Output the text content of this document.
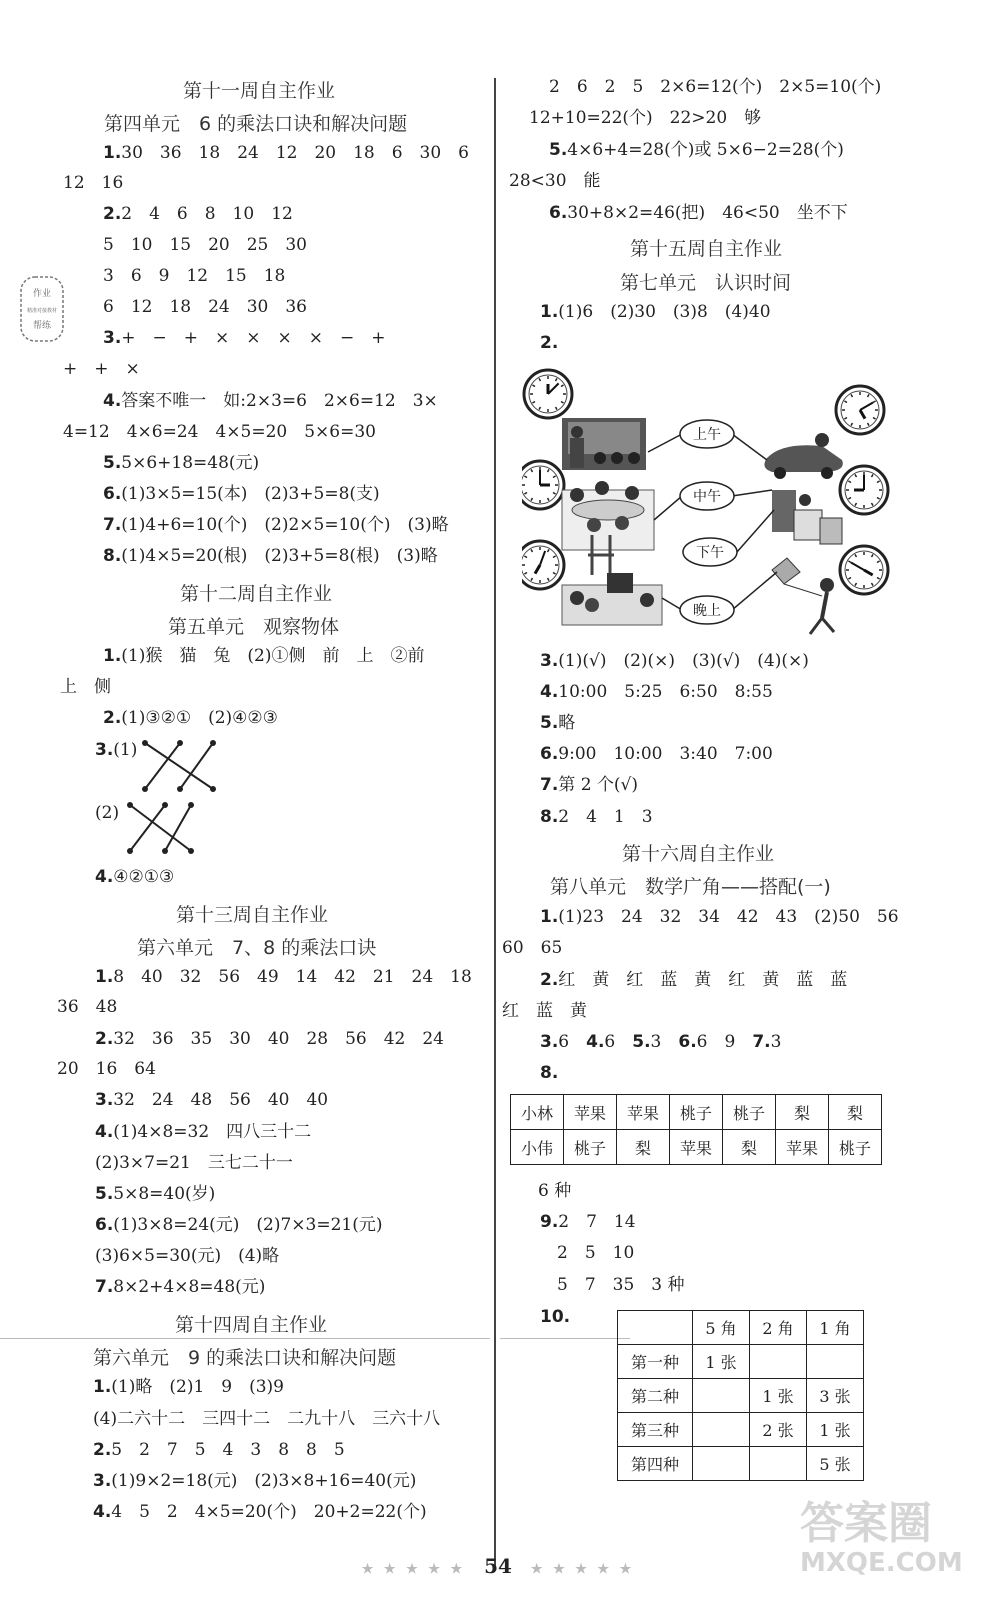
作业
精准对接教材
帮练
第十一周自主作业
第四单元　6 的乘法口诀和解决问题
1.30　36　18　24　12　20　18　6　30　6
12　16
2.2　4　6　8　10　12
5　10　15　20　25　30
3　6　9　12　15　18
6　12　18　24　30　36
3.+　−　+　×　×　×　×　−　+
+　+　×
4.答案不唯一　如:2×3=6　2×6=12　3×
4=12　4×6=24　4×5=20　5×6=30
5.5×6+18=48(元)
6.(1)3×5=15(本)　(2)3+5=8(支)
7.(1)4+6=10(个)　(2)2×5=10(个)　(3)略
8.(1)4×5=20(根)　(2)3+5=8(根)　(3)略
第十二周自主作业
第五单元　观察物体
1.(1)猴　猫　兔　(2)①侧　前　上　②前
上　侧
2.(1)③②①　(2)④②③
3.(1)
(2)
4.④②①③
第十三周自主作业
第六单元　7、8 的乘法口诀
1.8　40　32　56　49　14　42　21　24　18
36　48
2.32　36　35　30　40　28　56　42　24
20　16　64
3.32　24　48　56　40　40
4.(1)4×8=32　四八三十二
(2)3×7=21　三七二十一
5.5×8=40(岁)
6.(1)3×8=24(元)　(2)7×3=21(元)
(3)6×5=30(元)　(4)略
7.8×2+4×8=48(元)
第十四周自主作业
第六单元　9 的乘法口诀和解决问题
1.(1)略　(2)1　9　(3)9
(4)二六十二　三四十二　二九十八　三六十八
2.5　2　7　5　4　3　8　8　5
3.(1)9×2=18(元)　(2)3×8+16=40(元)
4.4　5　2　4×5=20(个)　20+2=22(个)
2　6　2　5　2×6=12(个)　2×5=10(个)
12+10=22(个)　22>20　够
5.4×6+4=28(个)或 5×6−2=28(个)
28<30　能
6.30+8×2=46(把)　46<50　坐不下
第十五周自主作业
第七单元　认识时间
1.(1)6　(2)30　(3)8　(4)40
2.
3.(1)(√)　(2)(×)　(3)(√)　(4)(×)
4.10:00　5:25　6:50　8:55
5.略
6.9:00　10:00　3:40　7:00
7.第 2 个(√)
8.2　4　1　3
第十六周自主作业
第八单元　数学广角——搭配(一)
1.(1)23　24　32　34　42　43　(2)50　56
60　65
2.红　黄　红　蓝　黄　红　黄　蓝　蓝
红　蓝　黄
3.6　 4.6　 5.3　 6.6　9　 7.3
8.
小林	苹果	苹果	桃子	桃子	梨	梨
小伟	桃子	梨	苹果	梨	苹果	桃子
6 种
9.2　7　14
2　5　10
5　7　35　3 种
10.
	5 角	2 角	1 角
第一种	1 张		
第二种		1 张	3 张
第三种		2 张	1 张
第四种			5 张
上午
中午
下午
晚上
★ ★ ★ ★ ★ 54 ★ ★ ★ ★ ★
答案圈
MXQE.COM
